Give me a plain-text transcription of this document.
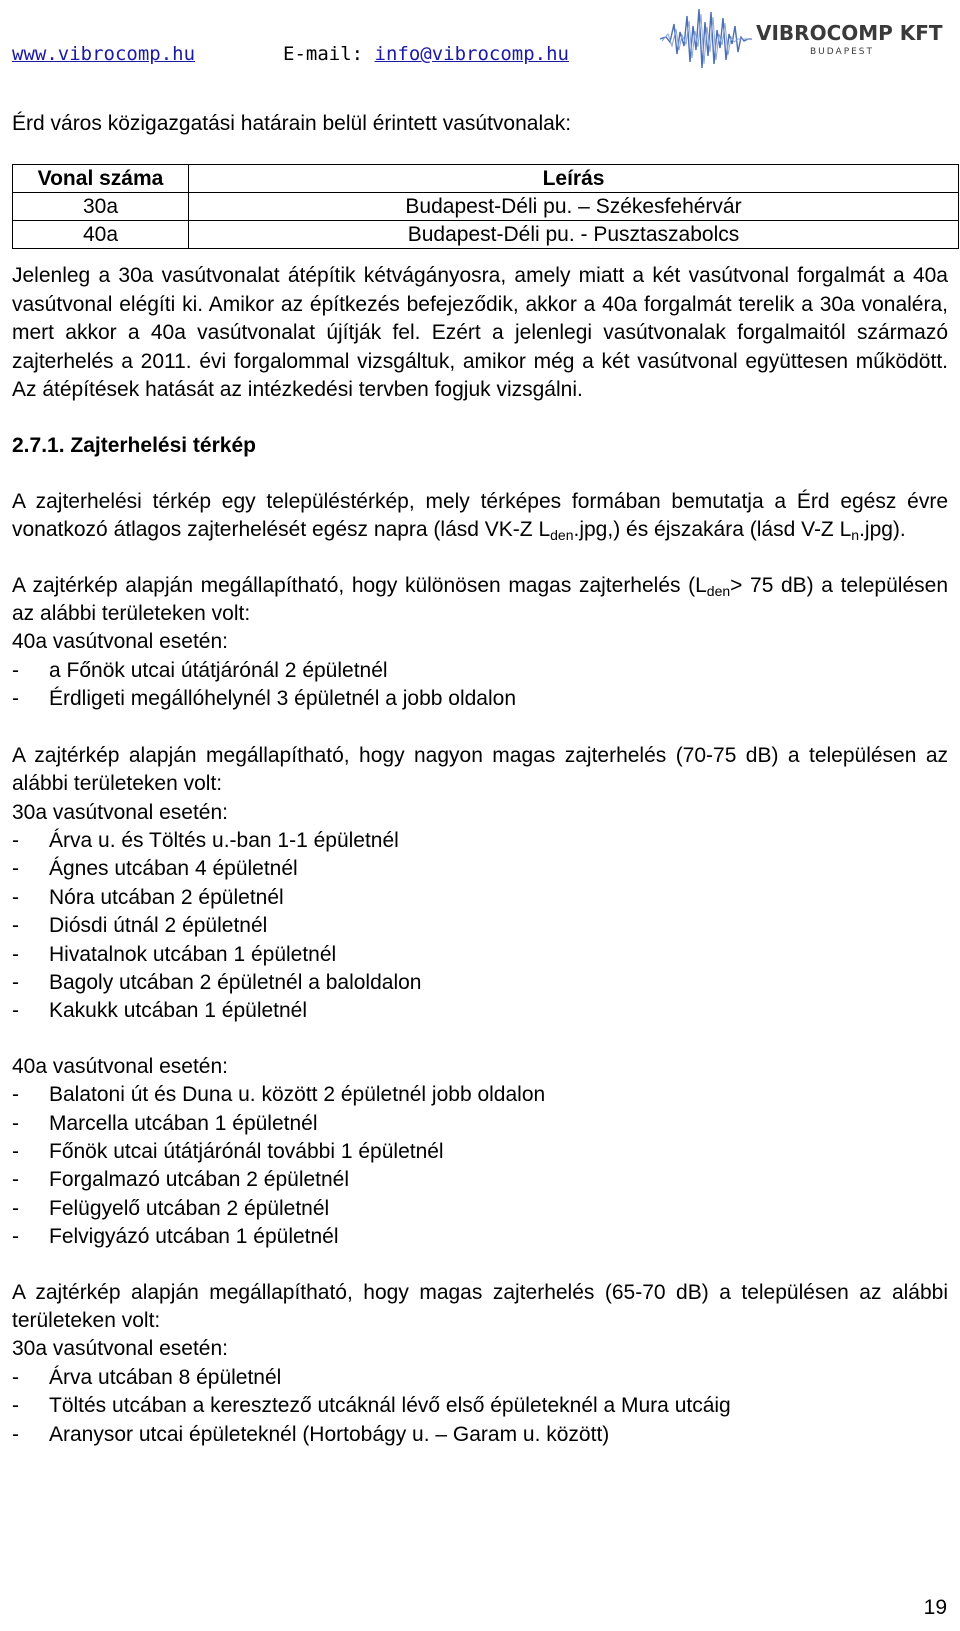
www.vibrocomp.hu	E-mail: info@vibrocomp.hu
VIBROCOMP KFT
BUDAPEST

Érd város közigazgatási határain belül érintett vasútvonalak:

Vonal száma	Leírás
30a	Budapest-Déli pu. – Székesfehérvár
40a	Budapest-Déli pu. - Pusztaszabolcs

Jelenleg a 30a vasútvonalat átépítik kétvágányosra, amely miatt a két vasútvonal forgalmát a 40a vasútvonal elégíti ki. Amikor az építkezés befejeződik, akkor a 40a forgalmát terelik a 30a vonaléra, mert akkor a 40a vasútvonalat újítják fel. Ezért a jelenlegi vasútvonalak forgalmaitól származó zajterhelés a 2011. évi forgalommal vizsgáltuk, amikor még a két vasútvonal együttesen működött. Az átépítések hatását az intézkedési tervben fogjuk vizsgálni.

2.7.1. Zajterhelési térkép

A zajterhelési térkép egy településtérkép, mely térképes formában bemutatja a Érd egész évre vonatkozó átlagos zajterhelését egész napra (lásd VK-Z $L_{den}.jpg$,) és éjszakára (lásd V-Z $L_n.jpg$).

A zajtérkép alapján megállapítható, hogy különösen magas zajterhelés ($L_{den}> 75$ dB) a településen az alábbi területeken volt:

40a vasútvonal esetén:

- a Főnök utcai útátjárónál 2 épületnél
- Érdligeti megállóhelynél 3 épületnél a jobb oldalon

A zajtérkép alapján megállapítható, hogy nagyon magas zajterhelés (70-75 dB) a településen az alábbi területeken volt:

30a vasútvonal esetén:

- Árva u. és Töltés u.-ban 1-1 épületnél
- Ágnes utcában 4 épületnél
- Nóra utcában 2 épületnél
- Diósdi útnál 2 épületnél
- Hivatalnok utcában 1 épületnél
- Bagoly utcában 2 épületnél a baloldalon
- Kakukk utcában 1 épületnél

40a vasútvonal esetén:

- Balatoni út és Duna u. között 2 épületnél jobb oldalon
- Marcella utcában 1 épületnél
- Főnök utcai útátjárónál további 1 épületnél
- Forgalmazó utcában 2 épületnél
- Felügyelő utcában 2 épületnél
- Felvigyázó utcában 1 épületnél

A zajtérkép alapján megállapítható, hogy magas zajterhelés (65-70 dB) a településen az alábbi területeken volt:

30a vasútvonal esetén:

- Árva utcában 8 épületnél
- Töltés utcában a keresztező utcáknál lévő első épületeknél a Mura utcáig
- Aranysor utcai épületeknél (Hortobágy u. – Garam u. között)
19
